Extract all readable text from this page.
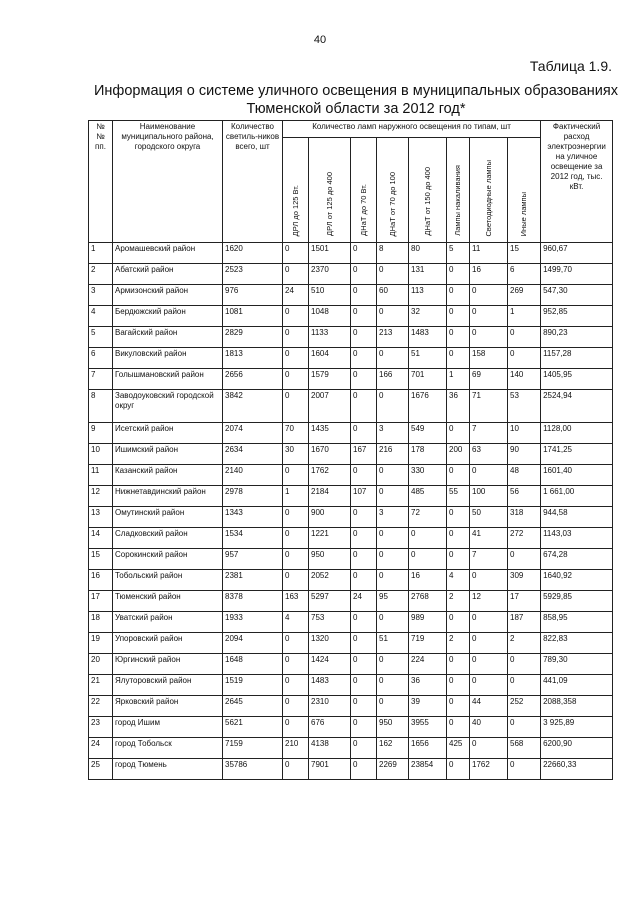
40
Таблица 1.9.
Информация о системе уличного освещения в муниципальных образованиях
Тюменской области за 2012 год*
№ № пп.	Наименование муниципального района, городского округа	Количество светиль-ников всего, шт	Количество ламп наружного освещения по типам, шт								Фактический расход электроэнергии на уличное освещение за 2012 год, тыс. кВт.
			ДРЛ до 125 Вт.	ДРЛ от 125 до 400	ДНаТ до 70 Вт.	ДНаТ от 70 до 100	ДНаТ от 150 до 400	Лампы накаливания	Светодиодные лампы	Иные лампы	
1	Аромашевский район	1620	0	1501	0	8	80	5	11	15	960,67
2	Абатский район	2523	0	2370	0	0	131	0	16	6	1499,70
3	Армизонский район	976	24	510	0	60	113	0	0	269	547,30
4	Бердюжский район	1081	0	1048	0	0	32	0	0	1	952,85
5	Вагайский район	2829	0	1133	0	213	1483	0	0	0	890,23
6	Викуловский район	1813	0	1604	0	0	51	0	158	0	1157,28
7	Голышмановский район	2656	0	1579	0	166	701	1	69	140	1405,95
8	Заводоуковский городской округ	3842	0	2007	0	0	1676	36	71	53	2524,94
9	Исетский район	2074	70	1435	0	3	549	0	7	10	1128,00
10	Ишимский район	2634	30	1670	167	216	178	200	63	90	1741,25
11	Казанский район	2140	0	1762	0	0	330	0	0	48	1601,40
12	Нижнетавдинский район	2978	1	2184	107	0	485	55	100	56	1 661,00
13	Омутинский район	1343	0	900	0	3	72	0	50	318	944,58
14	Сладковский район	1534	0	1221	0	0	0	0	41	272	1143,03
15	Сорокинский район	957	0	950	0	0	0	0	7	0	674,28
16	Тобольский район	2381	0	2052	0	0	16	4	0	309	1640,92
17	Тюменский район	8378	163	5297	24	95	2768	2	12	17	5929,85
18	Уватский район	1933	4	753	0	0	989	0	0	187	858,95
19	Упоровский район	2094	0	1320	0	51	719	2	0	2	822,83
20	Юргинский район	1648	0	1424	0	0	224	0	0	0	789,30
21	Ялуторовский район	1519	0	1483	0	0	36	0	0	0	441,09
22	Ярковский район	2645	0	2310	0	0	39	0	44	252	2088,358
23	город Ишим	5621	0	676	0	950	3955	0	40	0	3 925,89
24	город Тобольск	7159	210	4138	0	162	1656	425	0	568	6200,90
25	город Тюмень	35786	0	7901	0	2269	23854	0	1762	0	22660,33
